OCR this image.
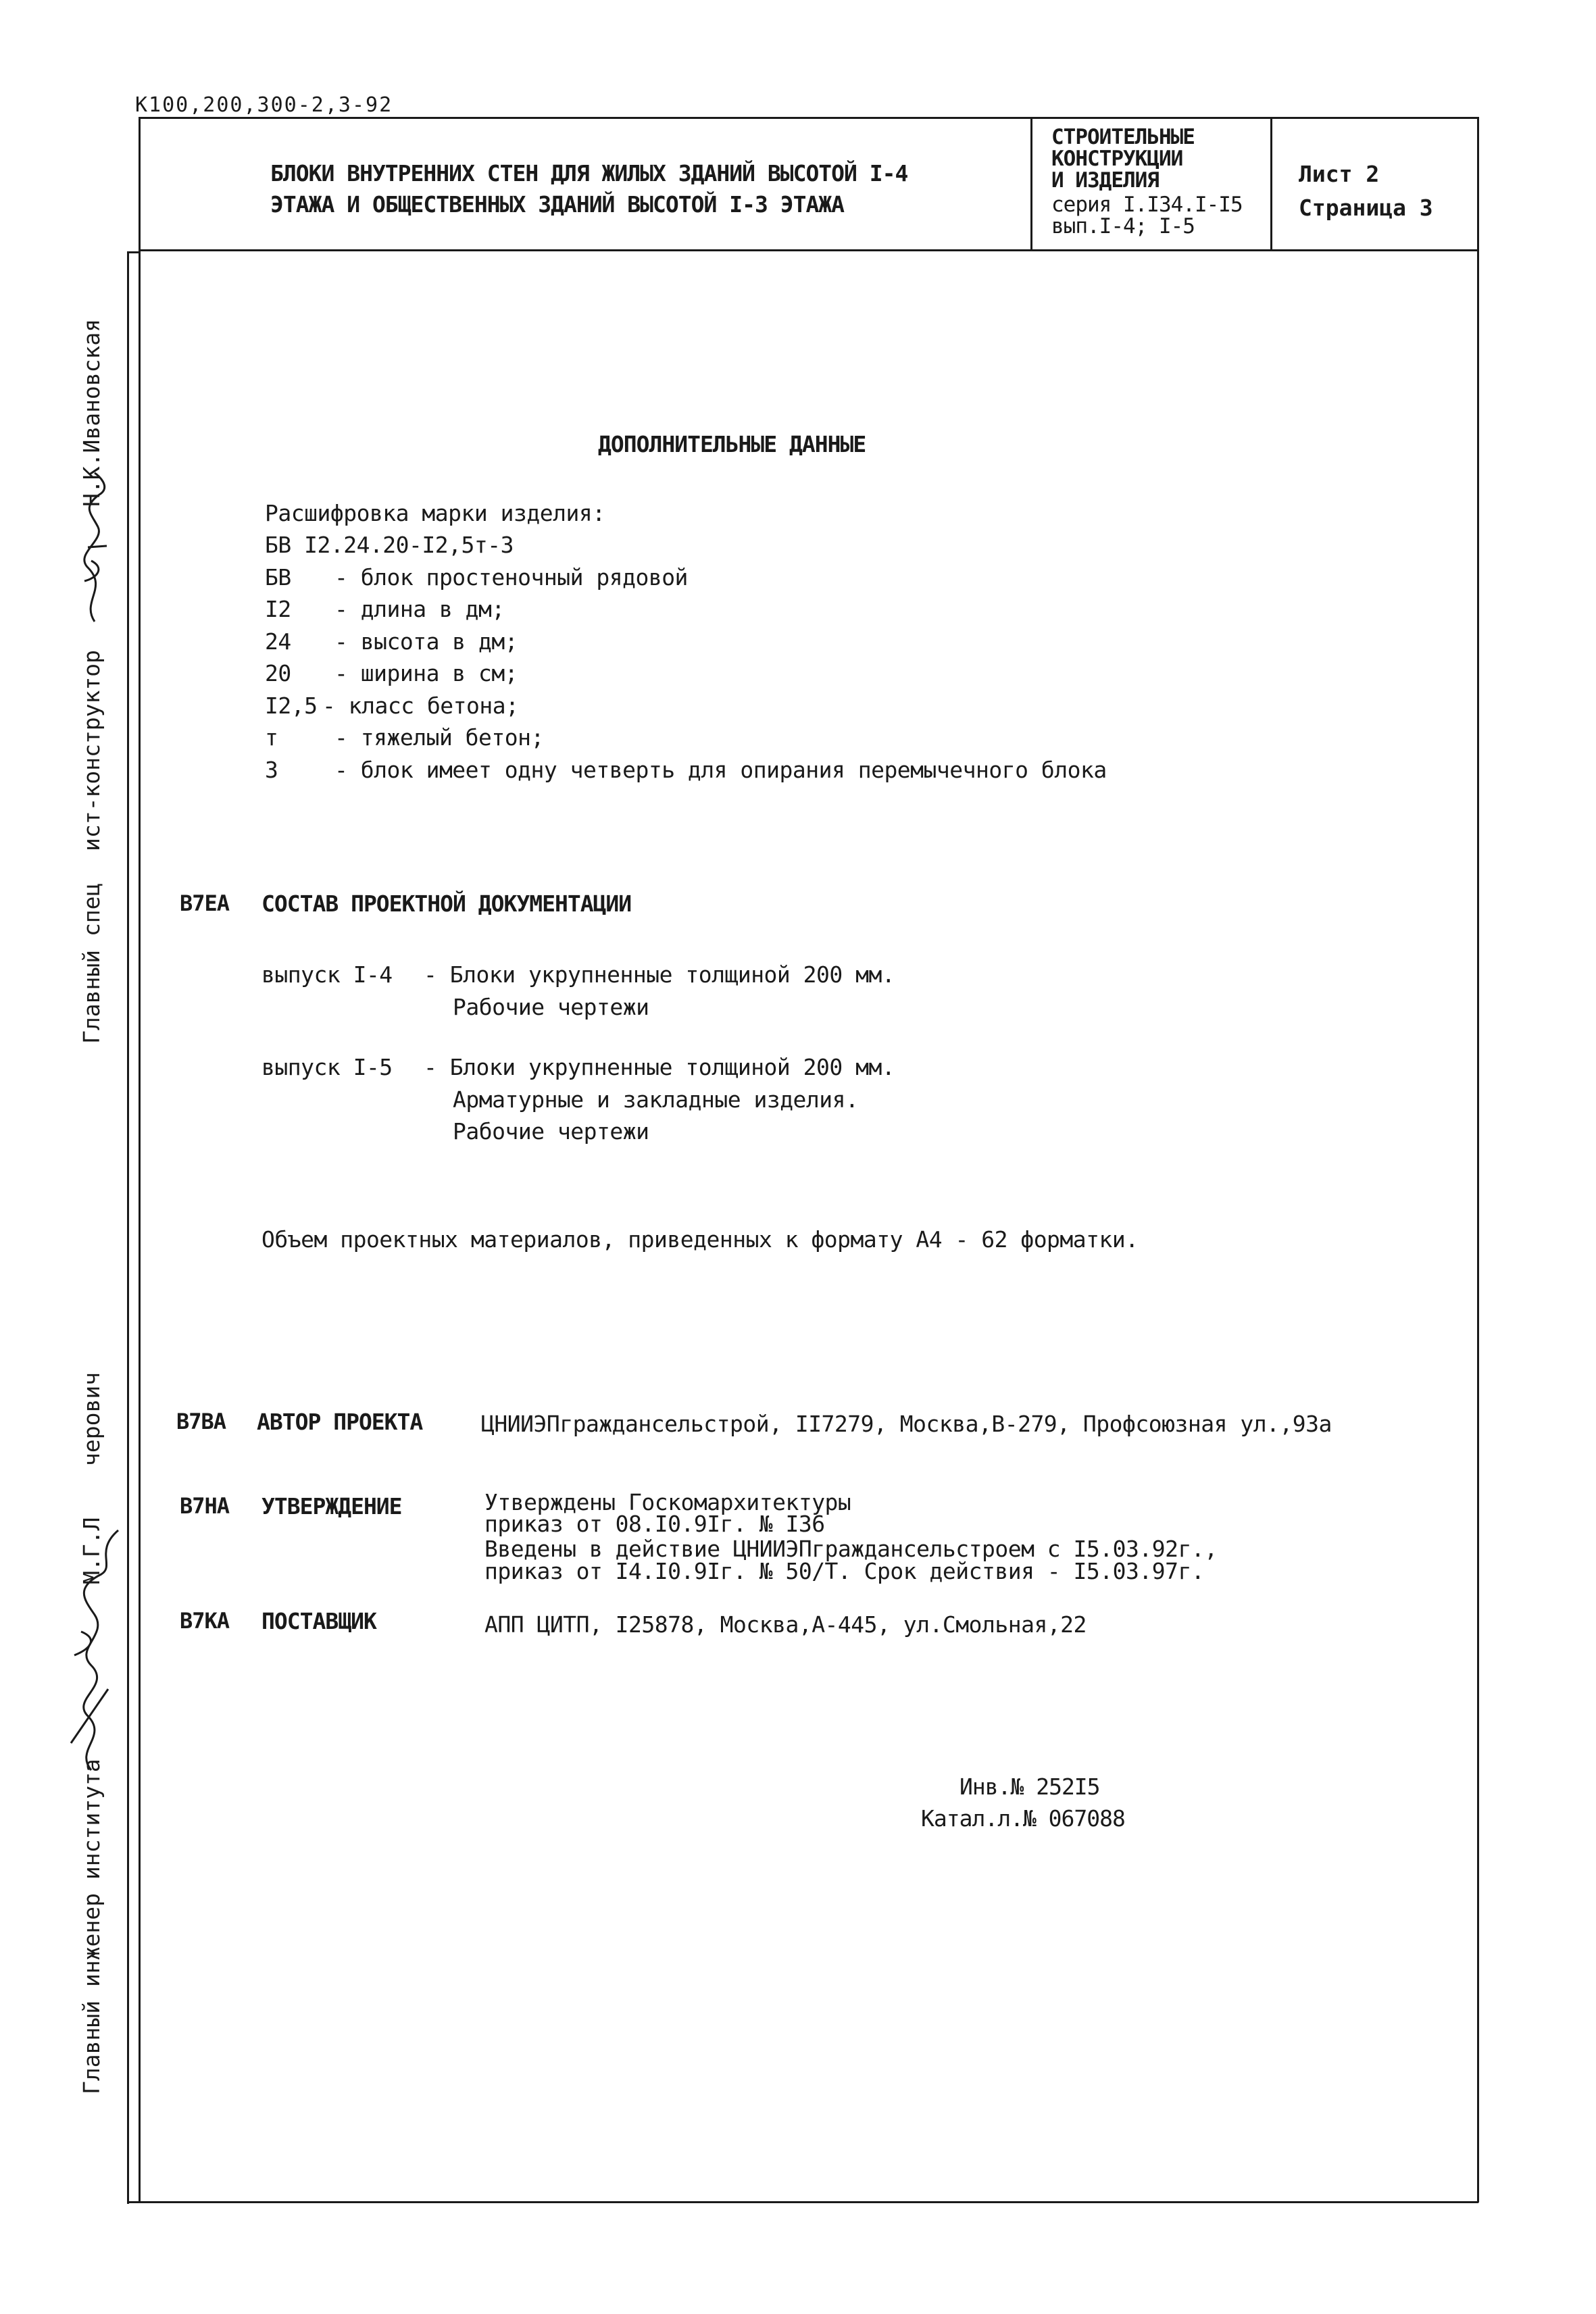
К100,200,300-2,3-92
БЛОКИ ВНУТРЕННИХ СТЕН ДЛЯ ЖИЛЫХ ЗДАНИЙ ВЫСОТОЙ I-4
ЭТАЖА И ОБЩЕСТВЕННЫХ ЗДАНИЙ ВЫСОТОЙ I-3 ЭТАЖА
СТРОИТЕЛЬНЫЕ
КОНСТРУКЦИИ
И ИЗДЕЛИЯ
серия I.I34.I-I5
вып.I-4; I-5
Лист 2
Страница 3
Главный спец
ист-конструктор
Н.К.Ивановская
Главный инженер института
М.Г.Л
черович
ДОПОЛНИТЕЛЬНЫЕ ДАННЫЕ
Расшифровка марки изделия:
БВ I2.24.20-I2,5т-3
БВ - блок простеночный рядовой
I2 - длина в дм;
24 - высота в дм;
20 - ширина в см;
I2,5 - класс бетона;
т	- тяжелый бетон;
3	- блок имеет одну четверть для опирания перемычечного блока
В7ЕА СОСТАВ ПРОЕКТНОЙ ДОКУМЕНТАЦИИ
выпуск I-4 - Блоки укрупненные толщиной 200 мм.
Рабочие чертежи
выпуск I-5 - Блоки укрупненные толщиной 200 мм.
Арматурные и закладные изделия.
Рабочие чертежи
Объем проектных материалов, приведенных к формату А4 - 62 форматки.
В7ВА АВТОР ПРОЕКТА	ЦНИИЭПграждансельстрой, II7279, Москва,В-279, Профсоюзная ул.,93а
В7НА УТВЕРЖДЕНИЕ	Утверждены Госкомархитектуры
приказ от 08.I0.9Iг. № I36
Введены в действие ЦНИИЭПграждансельстроем с I5.03.92г.,
приказ от I4.I0.9Iг. № 50/Т. Срок действия - I5.03.97г.
В7КА ПОСТАВЩИК	АПП ЦИТП, I25878, Москва,А-445, ул.Смольная,22
Инв.№ 252I5
Катал.л.№ 067088
